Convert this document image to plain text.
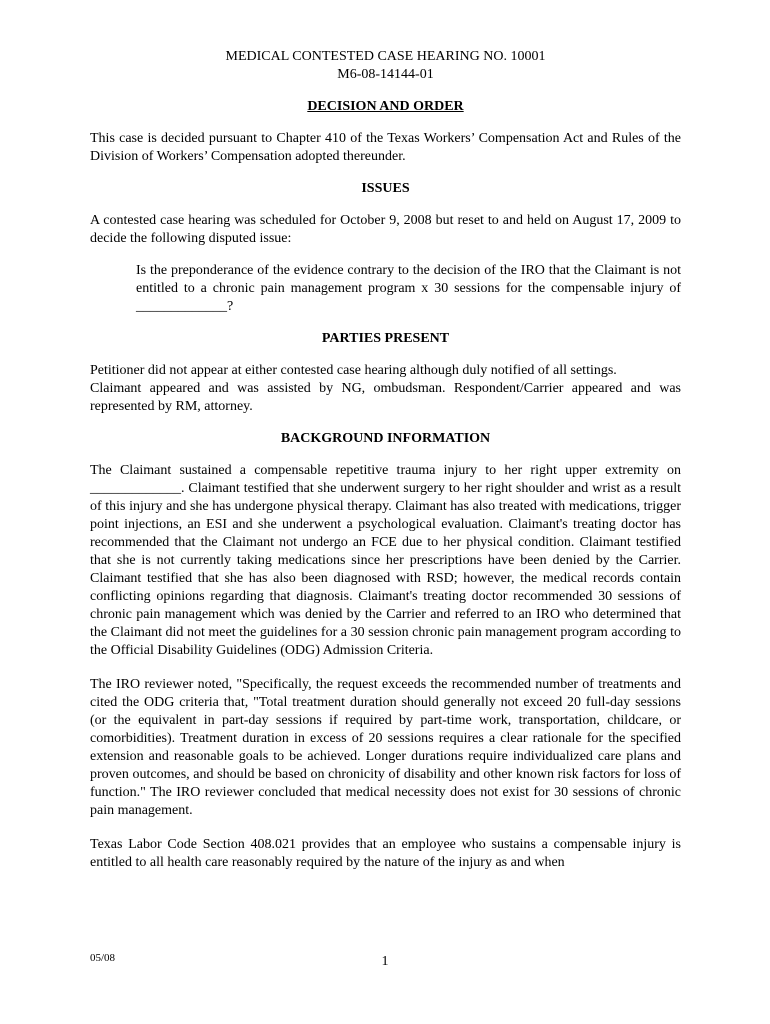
MEDICAL CONTESTED CASE HEARING NO. 10001
M6-08-14144-01
DECISION AND ORDER

This case is decided pursuant to Chapter 410 of the Texas Workers’ Compensation Act and Rules of the Division of Workers’ Compensation adopted thereunder.

ISSUES

A contested case hearing was scheduled for October 9, 2008 but reset to and held on August 17, 2009 to decide the following disputed issue:

Is the preponderance of the evidence contrary to the decision of the IRO that the Claimant is not entitled to a chronic pain management program x 30 sessions for the compensable injury of _____________?

PARTIES PRESENT

Petitioner did not appear at either contested case hearing although duly notified of all settings.

Claimant appeared and was assisted by NG, ombudsman. Respondent/Carrier appeared and was represented by RM, attorney.

BACKGROUND INFORMATION

The Claimant sustained a compensable repetitive trauma injury to her right upper extremity on _____________. Claimant testified that she underwent surgery to her right shoulder and wrist as a result of this injury and she has undergone physical therapy. Claimant has also treated with medications, trigger point injections, an ESI and she underwent a psychological evaluation. Claimant's treating doctor has recommended that the Claimant not undergo an FCE due to her physical condition. Claimant testified that she is not currently taking medications since her prescriptions have been denied by the Carrier. Claimant testified that she has also been diagnosed with RSD; however, the medical records contain conflicting opinions regarding that diagnosis. Claimant's treating doctor recommended 30 sessions of chronic pain management which was denied by the Carrier and referred to an IRO who determined that the Claimant did not meet the guidelines for a 30 session chronic pain management program according to the Official Disability Guidelines (ODG) Admission Criteria.

The IRO reviewer noted, "Specifically, the request exceeds the recommended number of treatments and cited the ODG criteria that, "Total treatment duration should generally not exceed 20 full-day sessions (or the equivalent in part-day sessions if required by part-time work, transportation, childcare, or comorbidities). Treatment duration in excess of 20 sessions requires a clear rationale for the specified extension and reasonable goals to be achieved. Longer durations require individualized care plans and proven outcomes, and should be based on chronicity of disability and other known risk factors for loss of function." The IRO reviewer concluded that medical necessity does not exist for 30 sessions of chronic pain management.

Texas Labor Code Section 408.021 provides that an employee who sustains a compensable injury is entitled to all health care reasonably required by the nature of the injury as and when

05/08	1
